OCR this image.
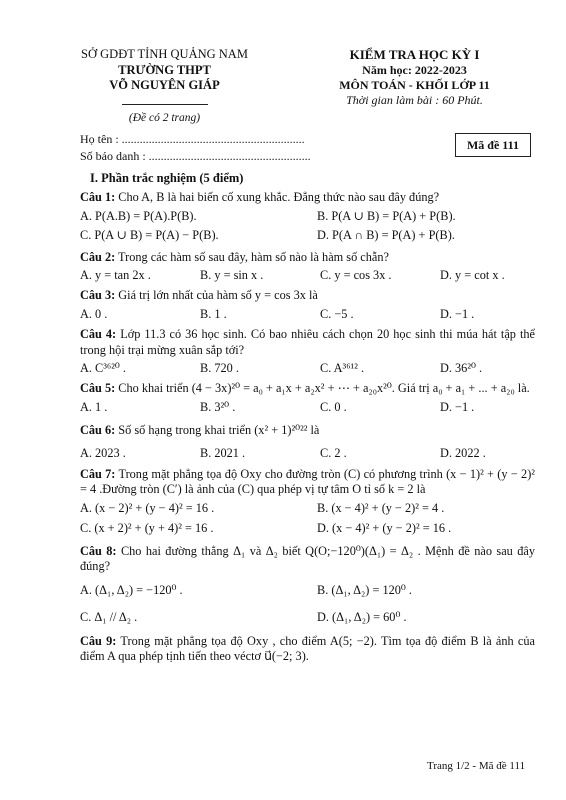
SỞ GDĐT TỈNH QUẢNG NAM
TRƯỜNG THPT
VÕ NGUYÊN GIÁP
(Đề có 2 trang)
KIỂM TRA HỌC KỲ I
Năm học: 2022-2023
MÔN TOÁN - KHỐI LỚP 11
Thời gian làm bài : 60 Phút.
Họ tên : .............................................................
Số báo danh : ......................................................
Mã đề 111
I. Phần trắc nghiệm (5 điểm)
Câu 1: Cho A, B là hai biến cố xung khắc. Đẳng thức nào sau đây đúng?
A. P(A.B) = P(A).P(B).	B. P(A ∪ B) = P(A) + P(B).
C. P(A ∪ B) = P(A) − P(B).	D. P(A ∩ B) = P(A) + P(B).
Câu 2: Trong các hàm số sau đây, hàm số nào là hàm số chẵn?
A. y = tan 2x .	B. y = sin x .	C. y = cos 3x .	D. y = cot x .
Câu 3: Giá trị lớn nhất của hàm số y = cos 3x là
A. 0 .	B. 1 .	C. −5 .	D. −1 .
Câu 4: Lớp 11.3 có 36 học sinh. Có bao nhiêu cách chọn 20 học sinh thi múa hát tập thể trong hội trại mừng xuân sắp tới?
A. C³⁶²⁰ .	B. 720 .	C. A³⁶¹² .	D. 36²⁰ .
Câu 5: Cho khai triển (4 − 3x)²⁰ = a₀ + a₁x + a₂x² + ⋯ + a₂₀x²⁰. Giá trị a₀ + a₁ + ... + a₂₀ là.
A. 1 .	B. 3²⁰ .	C. 0 .	D. −1 .
Câu 6: Số số hạng trong khai triển (x² + 1)²⁰²² là
A. 2023 .	B. 2021 .	C. 2 .	D. 2022 .
Câu 7: Trong mặt phẳng tọa độ Oxy cho đường tròn (C) có phương trình (x − 1)² + (y − 2)² = 4 .Đường tròn (C′) là ảnh của (C) qua phép vị tự tâm O tỉ số k = 2 là
A. (x − 2)² + (y − 4)² = 16 .	B. (x − 4)² + (y − 2)² = 4 .
C. (x + 2)² + (y + 4)² = 16 .	D. (x − 4)² + (y − 2)² = 16 .
Câu 8: Cho hai đường thẳng Δ₁ và Δ₂ biết Q(O;−120⁰)(Δ₁) = Δ₂ . Mệnh đề nào sau đây đúng?
A. (Δ₁, Δ₂) = −120⁰ .	B. (Δ₁, Δ₂) = 120⁰ .
C. Δ₁ // Δ₂ .	D. (Δ₁, Δ₂) = 60⁰ .
Câu 9: Trong mặt phẳng tọa độ Oxy , cho điểm A(5; −2). Tìm tọa độ điểm B là ảnh của điểm A qua phép tịnh tiến theo véctơ u⃗(−2; 3).
Trang 1/2 - Mã đề 111
